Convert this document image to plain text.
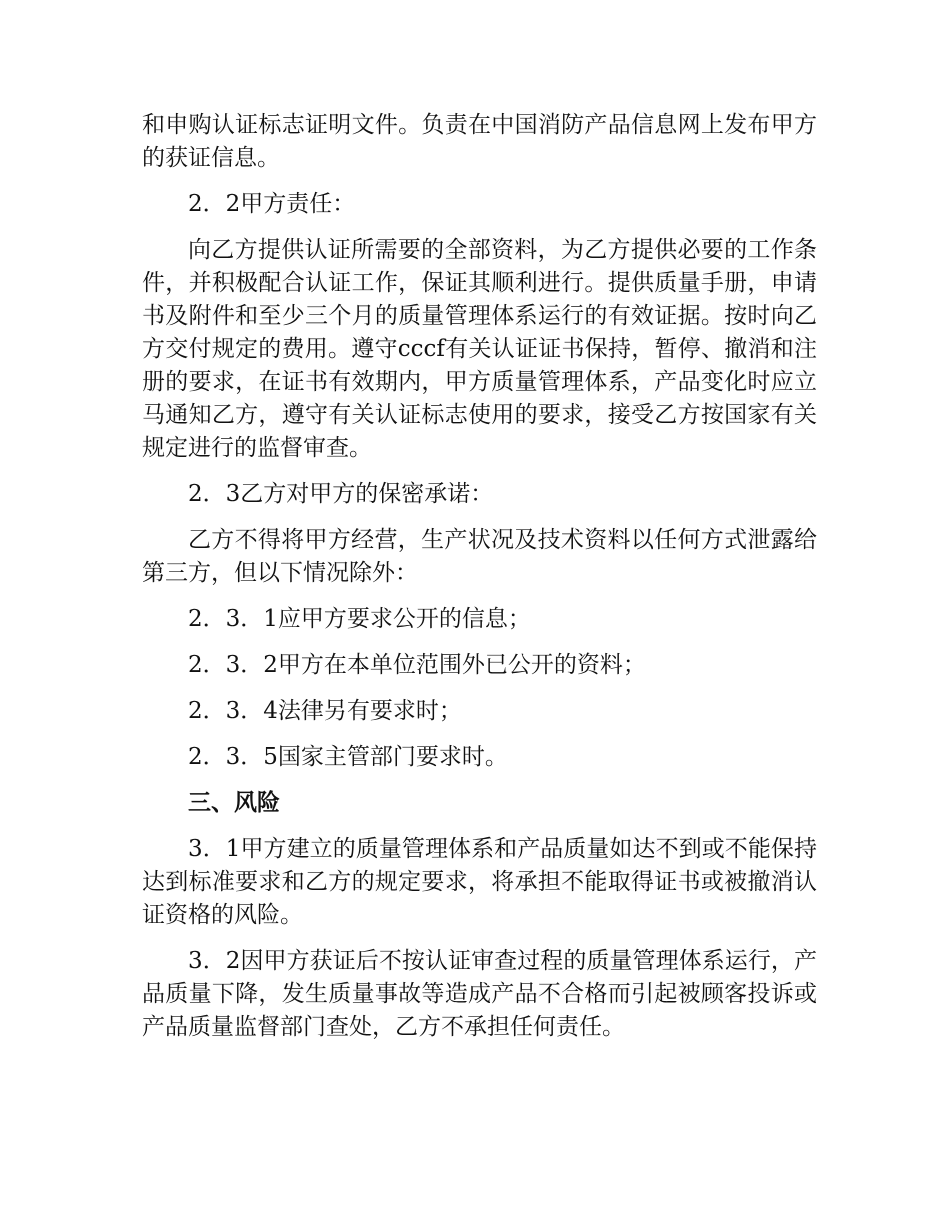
和申购认证标志证明文件。负责在中国消防产品信息网上发布甲方的获证信息。

2．2甲方责任：

向乙方提供认证所需要的全部资料，为乙方提供必要的工作条件，并积极配合认证工作，保证其顺利进行。提供质量手册，申请书及附件和至少三个月的质量管理体系运行的有效证据。按时向乙方交付规定的费用。遵守cccf有关认证证书保持，暂停、撤消和注册的要求，在证书有效期内，甲方质量管理体系，产品变化时应立马通知乙方，遵守有关认证标志使用的要求，接受乙方按国家有关规定进行的监督审查。

2．3乙方对甲方的保密承诺：

乙方不得将甲方经营，生产状况及技术资料以任何方式泄露给第三方，但以下情况除外：

2．3．1应甲方要求公开的信息；

2．3．2甲方在本单位范围外已公开的资料；

2．3．4法律另有要求时；

2．3．5国家主管部门要求时。

三、风险

3．1甲方建立的质量管理体系和产品质量如达不到或不能保持达到标准要求和乙方的规定要求，将承担不能取得证书或被撤消认证资格的风险。

3．2因甲方获证后不按认证审查过程的质量管理体系运行，产品质量下降，发生质量事故等造成产品不合格而引起被顾客投诉或产品质量监督部门查处，乙方不承担任何责任。
